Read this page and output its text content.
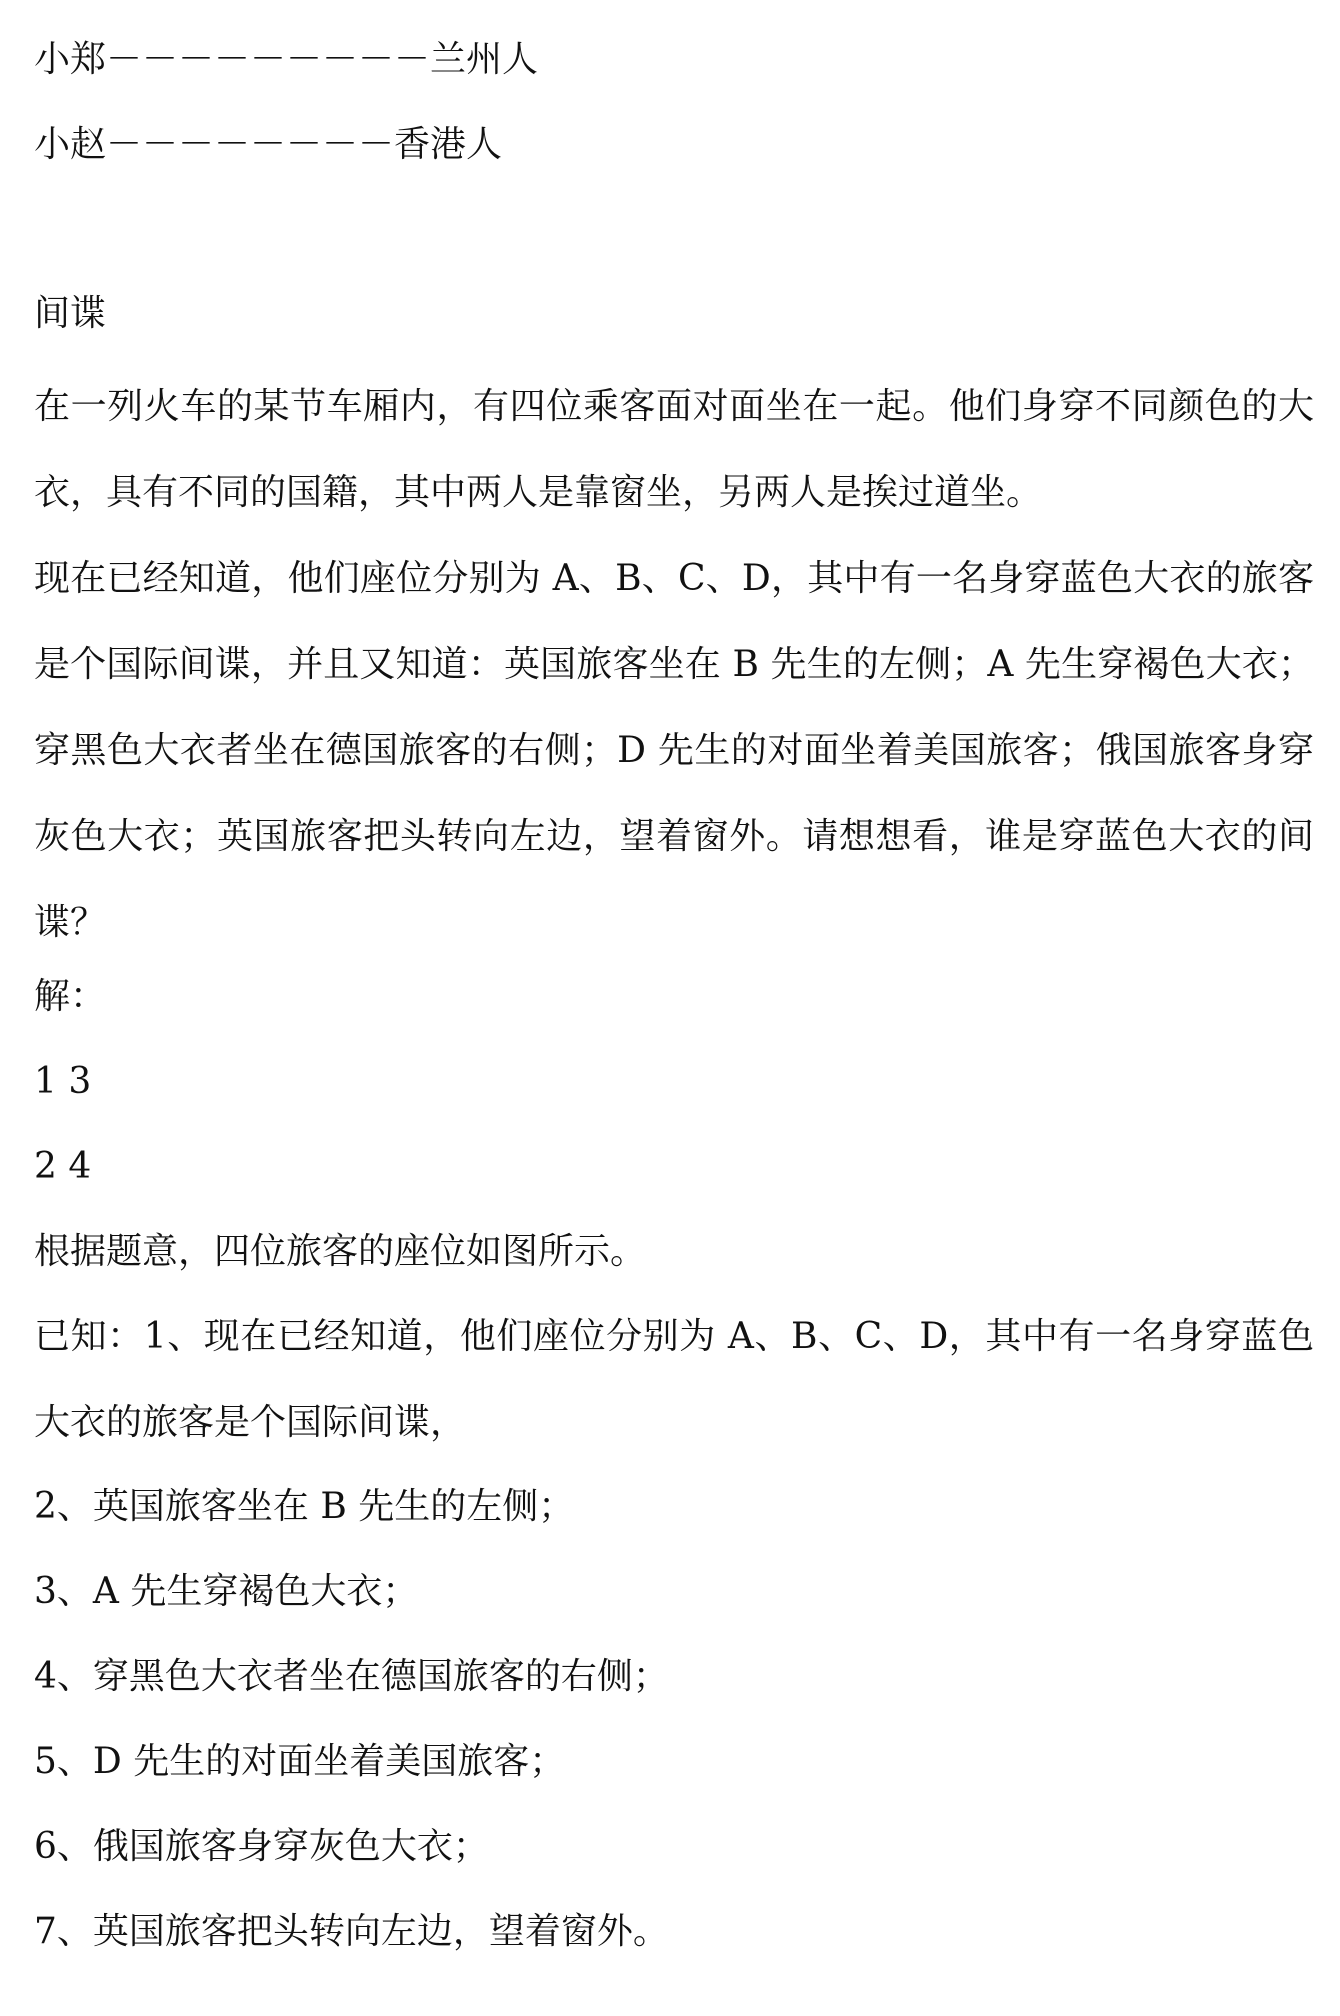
小郑－－－－－－－－－兰州人

小赵－－－－－－－－香港人

间谍

在一列火车的某节车厢内，有四位乘客面对面坐在一起。他们身穿不同颜色的大衣，具有不同的国籍，其中两人是靠窗坐，另两人是挨过道坐。

现在已经知道，他们座位分别为 A、B、C、D，其中有一名身穿蓝色大衣的旅客是个国际间谍，并且又知道：英国旅客坐在 B 先生的左侧；A 先生穿褐色大衣；穿黑色大衣者坐在德国旅客的右侧；D 先生的对面坐着美国旅客；俄国旅客身穿灰色大衣；英国旅客把头转向左边，望着窗外。请想想看，谁是穿蓝色大衣的间谍？

解：

1 3

2 4

根据题意，四位旅客的座位如图所示。

已知：1、现在已经知道，他们座位分别为 A、B、C、D，其中有一名身穿蓝色大衣的旅客是个国际间谍，

2、英国旅客坐在 B 先生的左侧；

3、A 先生穿褐色大衣；

4、穿黑色大衣者坐在德国旅客的右侧；

5、D 先生的对面坐着美国旅客；

6、俄国旅客身穿灰色大衣；

7、英国旅客把头转向左边，望着窗外。
